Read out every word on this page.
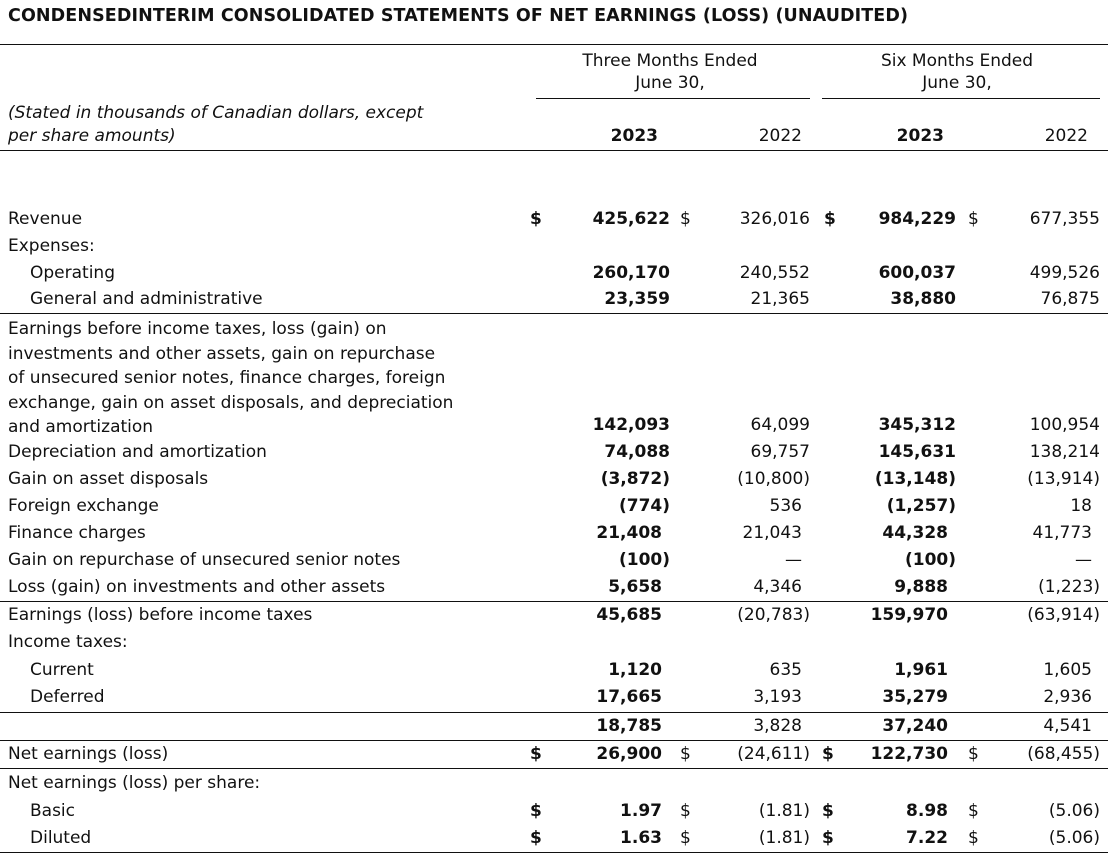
CONDENSEDINTERIM CONSOLIDATED STATEMENTS OF NET EARNINGS (LOSS) (UNAUDITED)
Three Months Ended
June 30,
Six Months Ended
June 30,
(Stated in thousands of Canadian dollars, except
per share amounts)	2023	2022	2023	2022
Revenue	$	425,622 $	326,016 $	984,229 $	677,355
Expenses:
Operating	260,170	240,552	600,037	499,526
General and administrative	23,359	21,365	38,880	76,875
Earnings before income taxes, loss (gain) on
investments and other assets, gain on repurchase
of unsecured senior notes, finance charges, foreign
exchange, gain on asset disposals, and depreciation
and amortization	142,093	64,099	345,312	100,954
Depreciation and amortization	74,088	69,757	145,631	138,214
Gain on asset disposals	(3,872)	(10,800)	(13,148)	(13,914)
Foreign exchange	(774)	536	(1,257)	18
Finance charges	21,408	21,043	44,328	41,773
Gain on repurchase of unsecured senior notes	(100)	—	(100)	—
Loss (gain) on investments and other assets	5,658	4,346	9,888	(1,223)
Earnings (loss) before income taxes	45,685	(20,783)	159,970	(63,914)
Income taxes:
Current	1,120	635	1,961	1,605
Deferred	17,665	3,193	35,279	2,936
18,785	3,828	37,240	4,541
Net earnings (loss)	$	26,900 $	(24,611) $ 122,730 $	(68,455)
Net earnings (loss) per share:
Basic	$	1.97 $	(1.81) $	8.98 $	(5.06)
Diluted	$	1.63 $	(1.81) $	7.22 $	(5.06)
